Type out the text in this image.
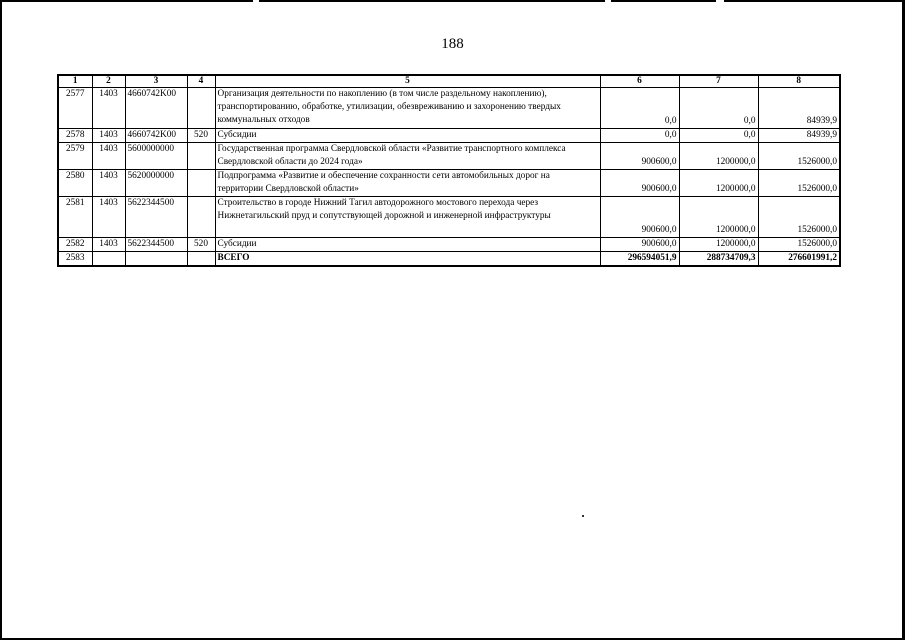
188
1	2	3	4	5	6	7	8
2577	1403	4660742K00		Организация деятельности по накоплению (в том числе раздельному накоплению), транспортированию, обработке, утилизации, обезвреживанию и захоронению твердых коммунальных отходов	0,0	0,0	84939,9
2578	1403	4660742K00	520	Субсидии	0,0	0,0	84939,9
2579	1403	5600000000		Государственная программа Свердловской области «Развитие транспортного комплекса Свердловской области до 2024 года»	900600,0	1200000,0	1526000,0
2580	1403	5620000000		Подпрограмма «Развитие и обеспечение сохранности сети автомобильных дорог на территории Свердловской области»	900600,0	1200000,0	1526000,0
2581	1403	5622344500		Строительство в городе Нижний Тагил автодорожного мостового перехода через Нижнетагильский пруд и сопутствующей дорожной и инженерной инфраструктуры	900600,0	1200000,0	1526000,0
2582	1403	5622344500	520	Субсидии	900600,0	1200000,0	1526000,0
2583				ВСЕГО	296594051,9	288734709,3	276601991,2
